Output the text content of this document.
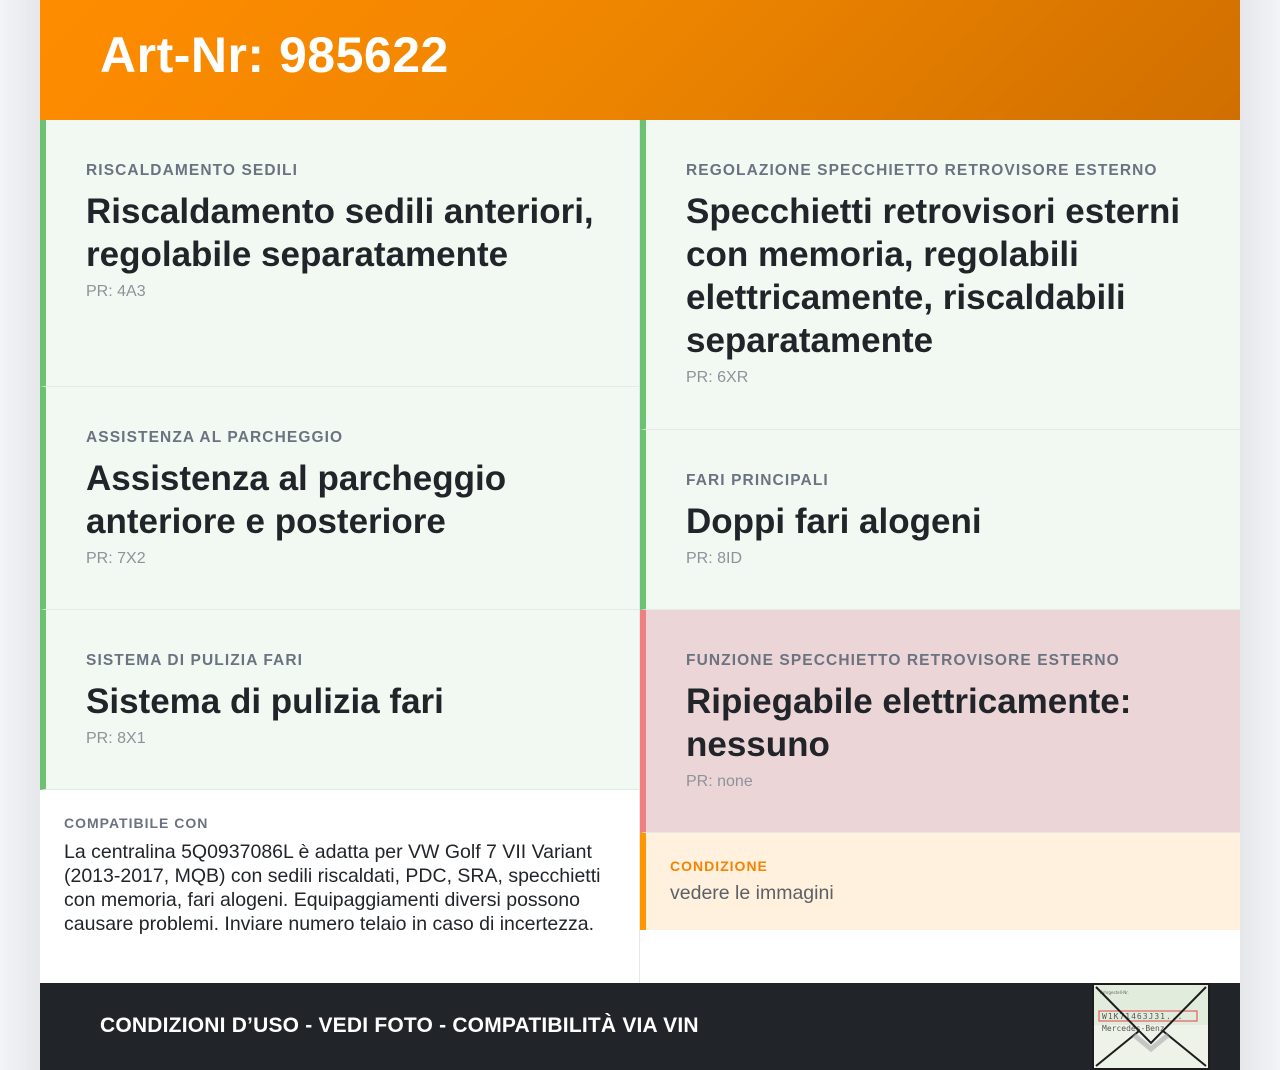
Art-Nr: 985622
RISCALDAMENTO SEDILI
Riscaldamento sedili anteriori, regolabile separatamente
PR: 4A3
ASSISTENZA AL PARCHEGGIO
Assistenza al parcheggio anteriore e posteriore
PR: 7X2
SISTEMA DI PULIZIA FARI
Sistema di pulizia fari
PR: 8X1
COMPATIBILE CON
La centralina 5Q0937086L è adatta per VW Golf 7 VII Variant (2013-2017, MQB) con sedili riscaldati, PDC, SRA, specchietti con memoria, fari alogeni. Equipaggiamenti diversi possono causare problemi. Inviare numero telaio in caso di incertezza.
REGOLAZIONE SPECCHIETTO RETROVISORE ESTERNO
Specchietti retrovisori esterni con memoria, regolabili elettricamente, riscaldabili separatamente
PR: 6XR
FARI PRINCIPALI
Doppi fari alogeni
PR: 8ID
FUNZIONE SPECCHIETTO RETROVISORE ESTERNO
Ripiegabile elettricamente: nessuno
PR: none
CONDIZIONE
vedere le immagini
CONDIZIONI D’USO - VEDI FOTO - COMPATIBILITÀ VIA VIN
Fahrgestell-Nr.
W1K71463J31...
Mercedes-Benz
